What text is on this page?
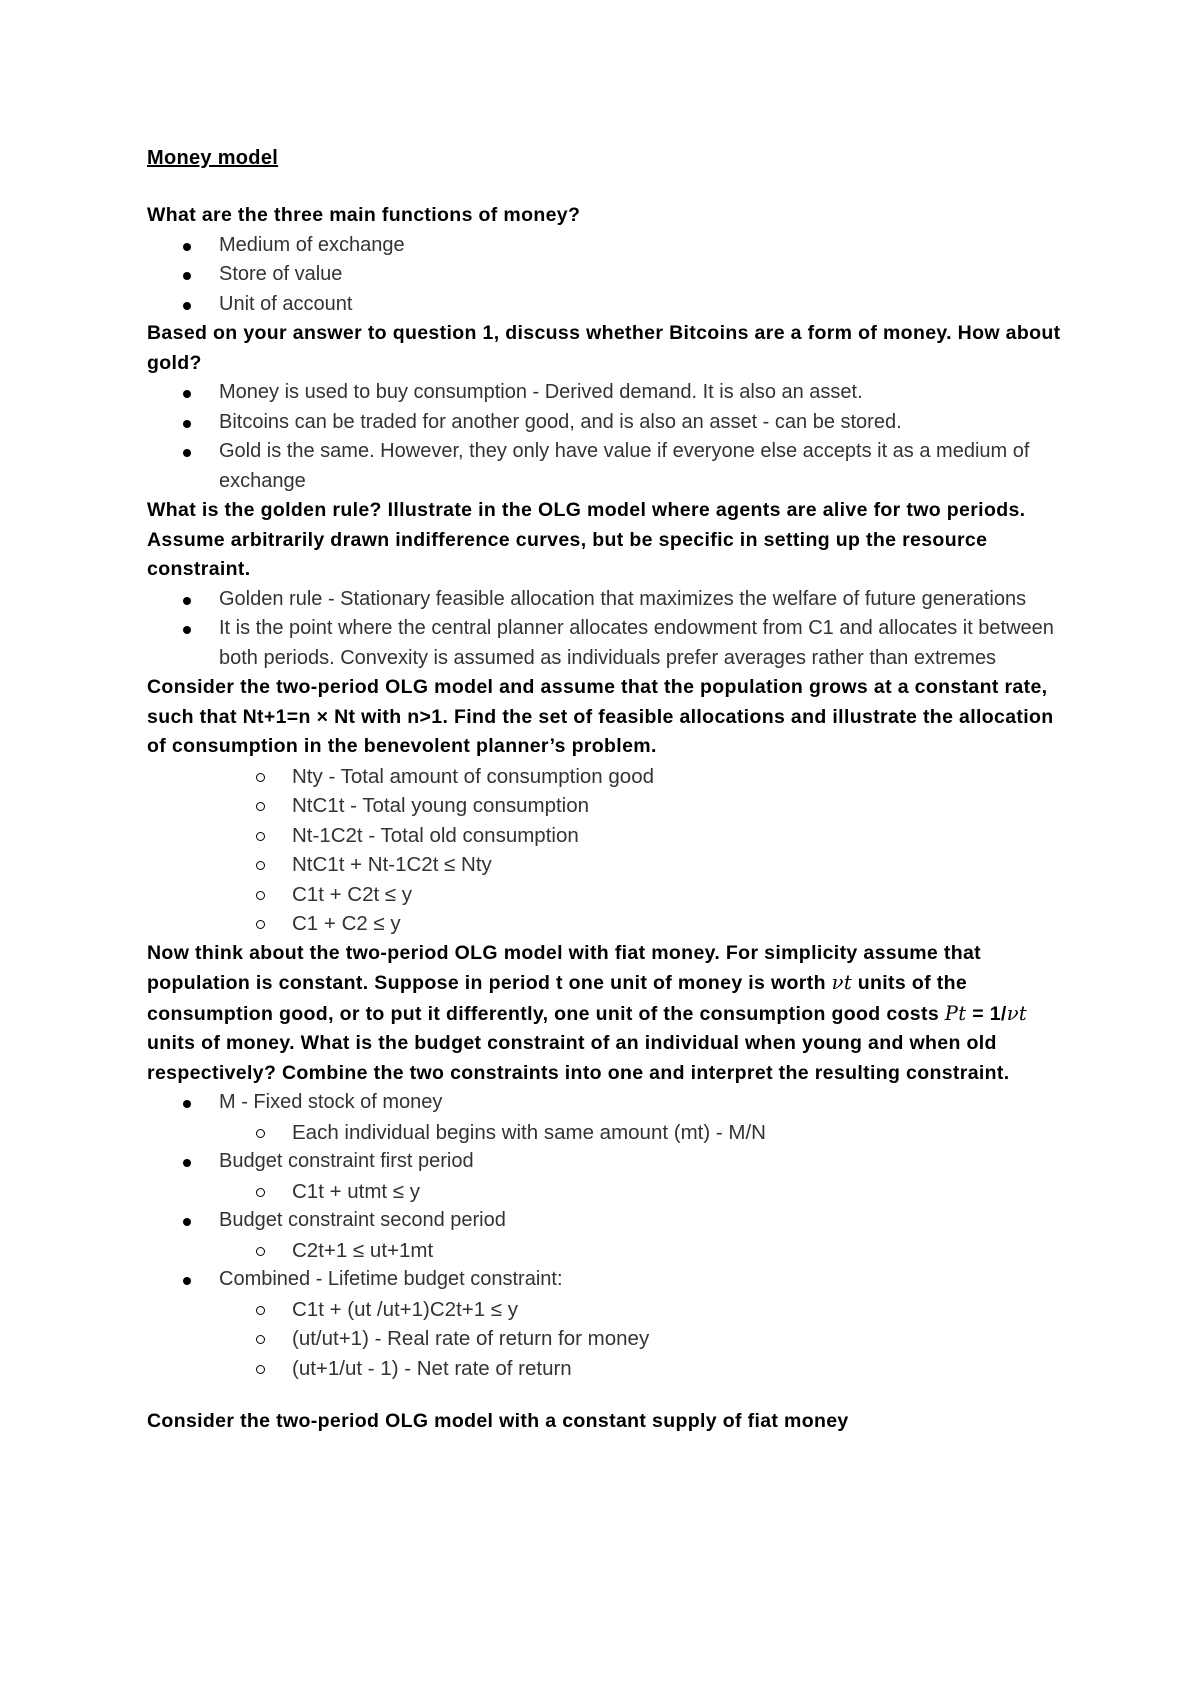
Money model

What are the three main functions of money?

Medium of exchange
Store of value
Unit of account

Based on your answer to question 1, discuss whether Bitcoins are a form of money. How about gold?

Money is used to buy consumption - Derived demand. It is also an asset.
Bitcoins can be traded for another good, and is also an asset - can be stored.
Gold is the same. However, they only have value if everyone else accepts it as a medium of exchange

What is the golden rule? Illustrate in the OLG model where agents are alive for two periods.

Assume arbitrarily drawn indifference curves, but be specific in setting up the resource constraint.

Golden rule - Stationary feasible allocation that maximizes the welfare of future generations
It is the point where the central planner allocates endowment from C1 and allocates it between both periods. Convexity is assumed as individuals prefer averages rather than extremes

Consider the two-period OLG model and assume that the population grows at a constant rate, such that Nt+1=n × Nt with n>1. Find the set of feasible allocations and illustrate the allocation of consumption in the benevolent planner’s problem.

Nty - Total amount of consumption good
NtC1t - Total young consumption
Nt-1C2t - Total old consumption
NtC1t + Nt-1C2t ≤ Nty
C1t + C2t ≤ y
C1 + C2 ≤ y

Now think about the two-period OLG model with fiat money. For simplicity assume that population is constant. Suppose in period t one unit of money is worth 𝜈t units of the consumption good, or to put it differently, one unit of the consumption good costs Pt = 1/𝜈t units of money. What is the budget constraint of an individual when young and when old respectively? Combine the two constraints into one and interpret the resulting constraint.

M - Fixed stock of money
Each individual begins with same amount (mt) - M/N
Budget constraint first period
C1t + utmt ≤ y
Budget constraint second period
C2t+1 ≤ ut+1mt
Combined - Lifetime budget constraint:
C1t + (ut /ut+1)C2t+1 ≤ y
(ut/ut+1) - Real rate of return for money
(ut+1/ut - 1) - Net rate of return

Consider the two-period OLG model with a constant supply of fiat money
